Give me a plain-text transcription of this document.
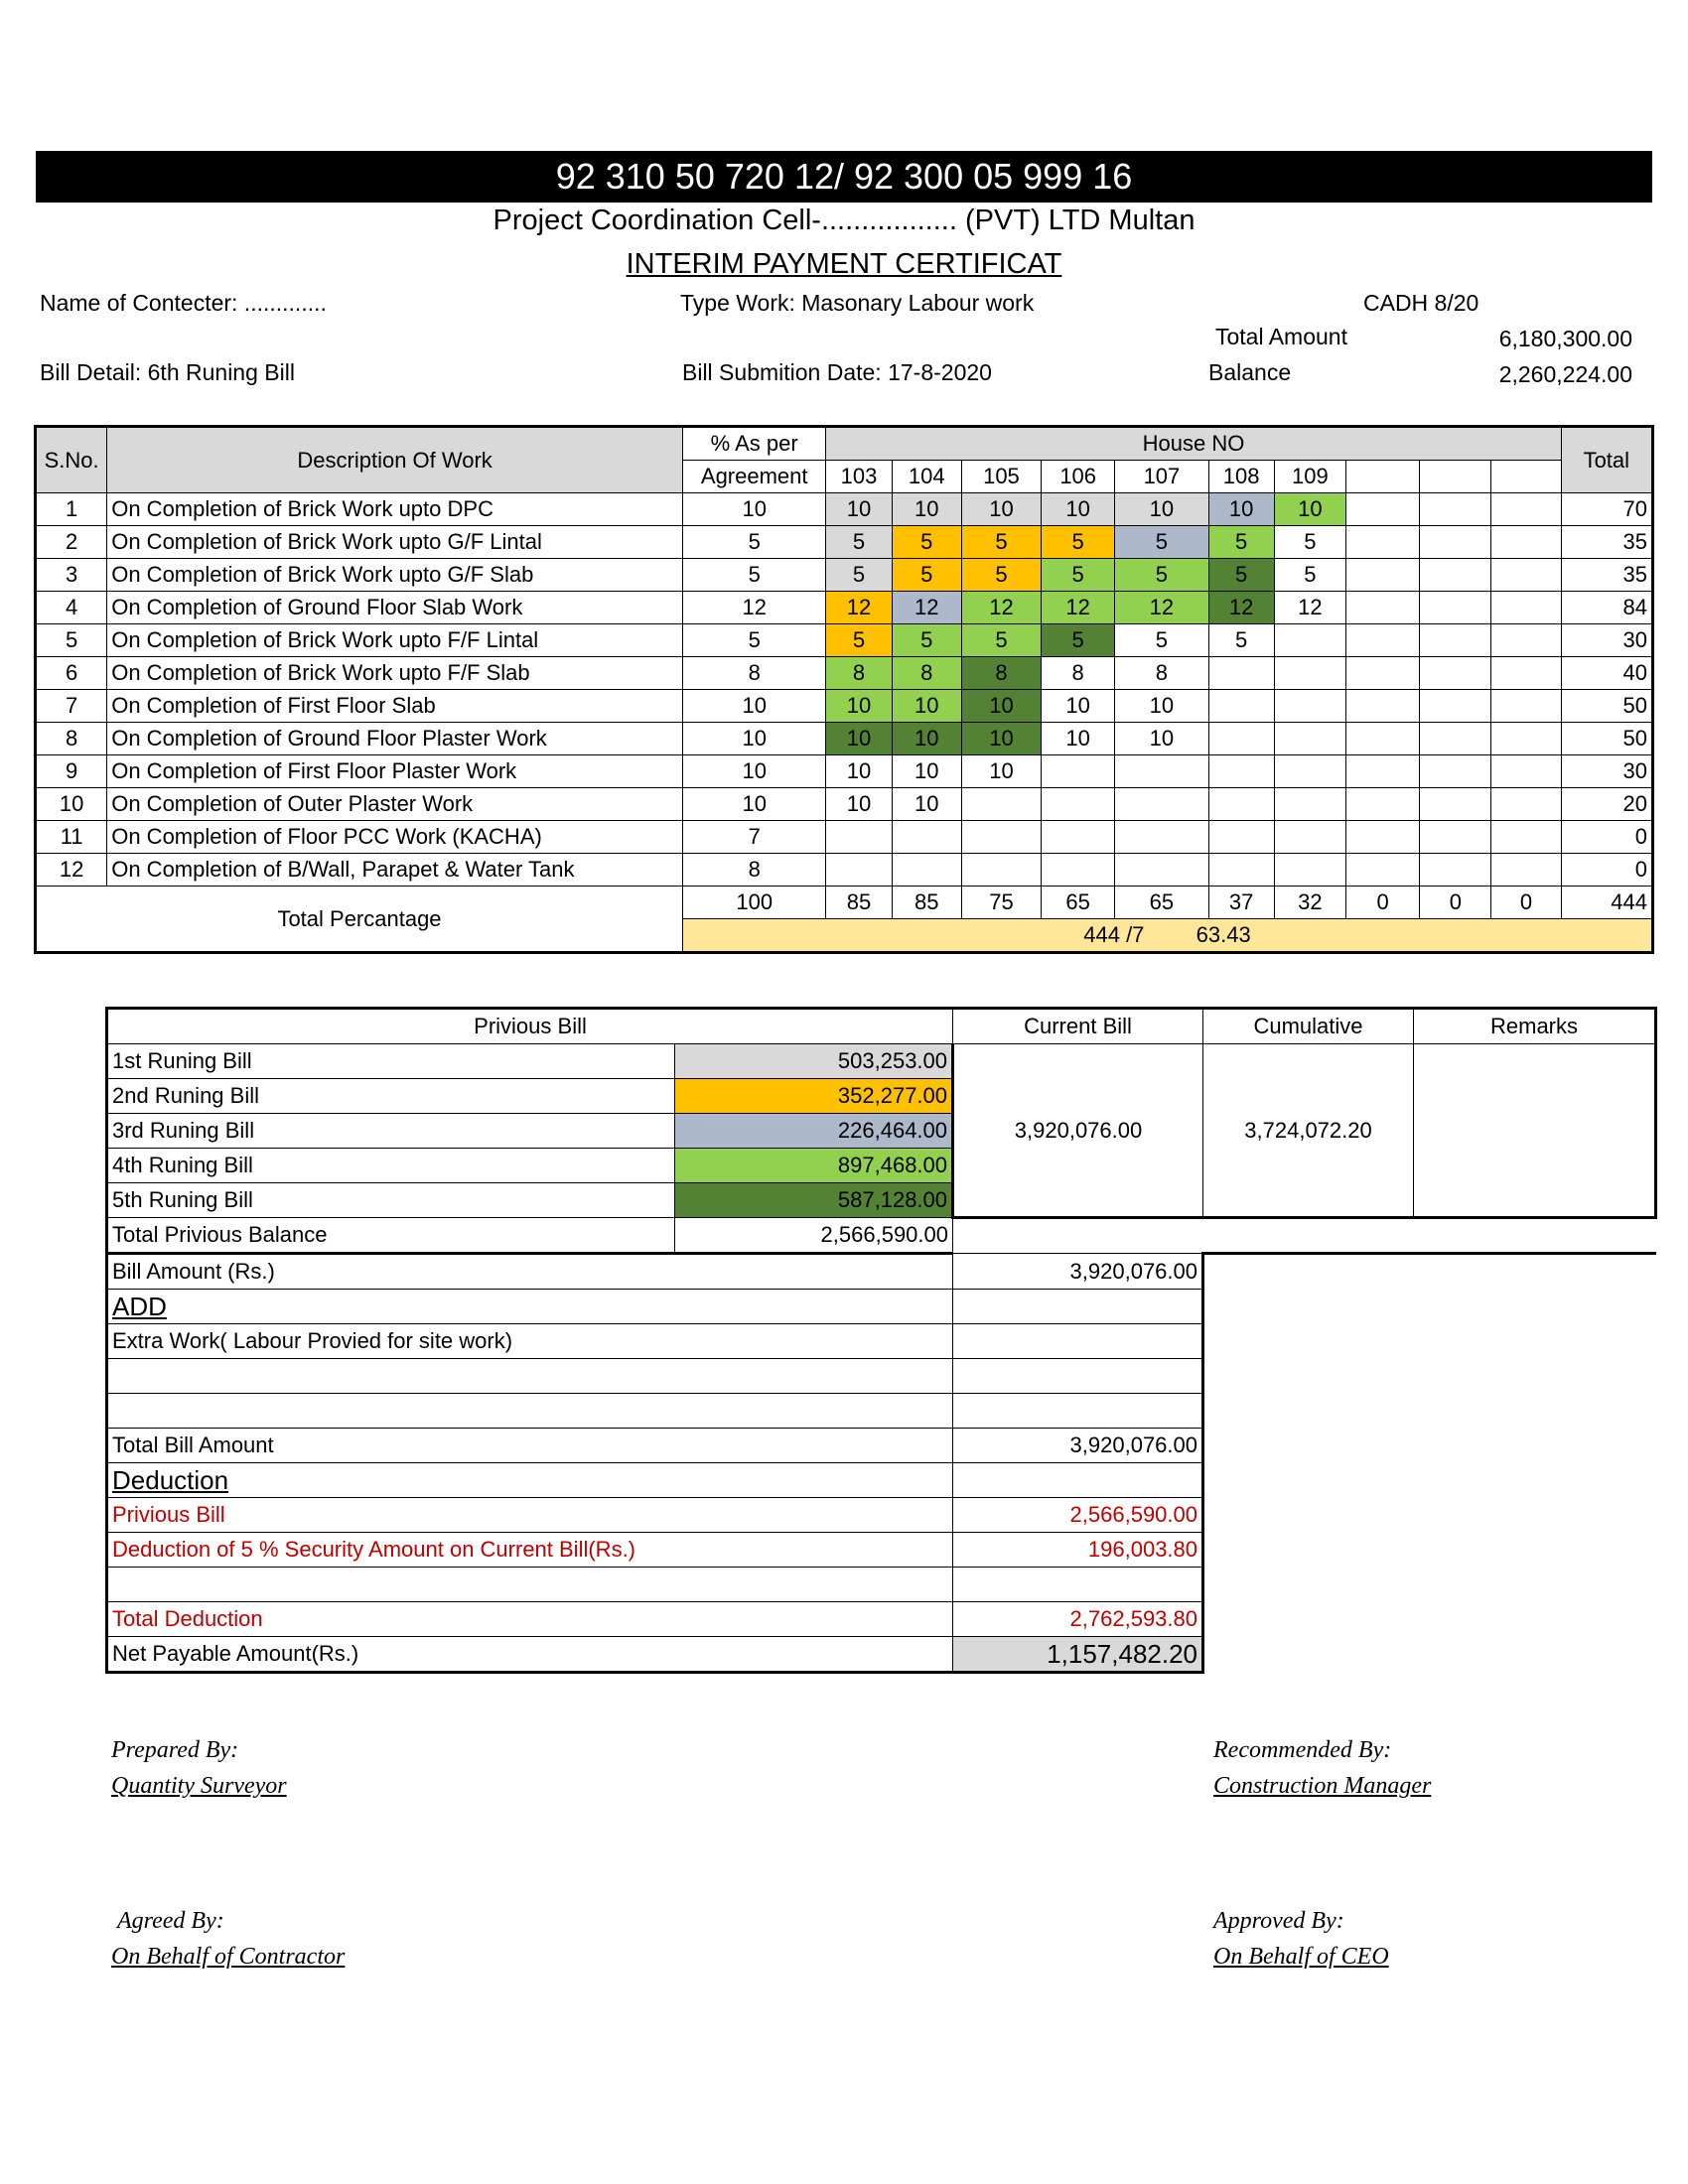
92 310 50 720 12/ 92 300 05 999 16
Project Coordination Cell-................. (PVT) LTD Multan
INTERIM PAYMENT CERTIFICAT
Name of Contecter: .............	Type Work: Masonary Labour work	CADH 8/20
Total Amount	6,180,300.00
Bill Detail: 6th Runing Bill	Bill Submition Date: 17-8-2020	Balance	2,260,224.00
S.No.	Description Of Work	% As per	House NO										Total
		Agreement	103	104	105	106	107	108	109				
1	On Completion of Brick Work upto DPC	10	10	10	10	10	10	10	10				70
2	On Completion of Brick Work upto G/F Lintal	5	5	5	5	5	5	5	5				35
3	On Completion of Brick Work upto G/F Slab	5	5	5	5	5	5	5	5				35
4	On Completion of Ground Floor Slab Work	12	12	12	12	12	12	12	12				84
5	On Completion of Brick Work upto F/F Lintal	5	5	5	5	5	5	5					30
6	On Completion of Brick Work upto F/F Slab	8	8	8	8	8	8						40
7	On Completion of First Floor Slab	10	10	10	10	10	10						50
8	On Completion of Ground Floor Plaster Work	10	10	10	10	10	10						50
9	On Completion of First Floor Plaster Work	10	10	10	10								30
10	On Completion of Outer Plaster Work	10	10	10									20
11	On Completion of Floor PCC Work (KACHA)	7											0
12	On Completion of B/Wall, Parapet & Water Tank	8											0
Total Percantage		100	85	85	75	65	65	37	32	0	0	0	444
		444 /7 63.43											
Privious Bill		Current Bill	Cumulative	Remarks
1st Runing Bill	503,253.00	3,920,076.00	3,724,072.20	
2nd Runing Bill	352,277.00			
3rd Runing Bill	226,464.00			
4th Runing Bill	897,468.00			
5th Runing Bill	587,128.00			
Total Privious Balance	2,566,590.00			
Bill Amount (Rs.)		3,920,076.00		
ADD				
Extra Work( Labour Provied for site work)				

Total Bill Amount		3,920,076.00		
Deduction				
Privious Bill		2,566,590.00		
Deduction of 5 % Security Amount on Current Bill(Rs.)		196,003.80		

Total Deduction		2,762,593.80		
Net Payable Amount(Rs.)		1,157,482.20		
Prepared By:
Quantity Surveyor
Recommended By:
Construction Manager
Agreed By:
On Behalf of Contractor
Approved By:
On Behalf of CEO
